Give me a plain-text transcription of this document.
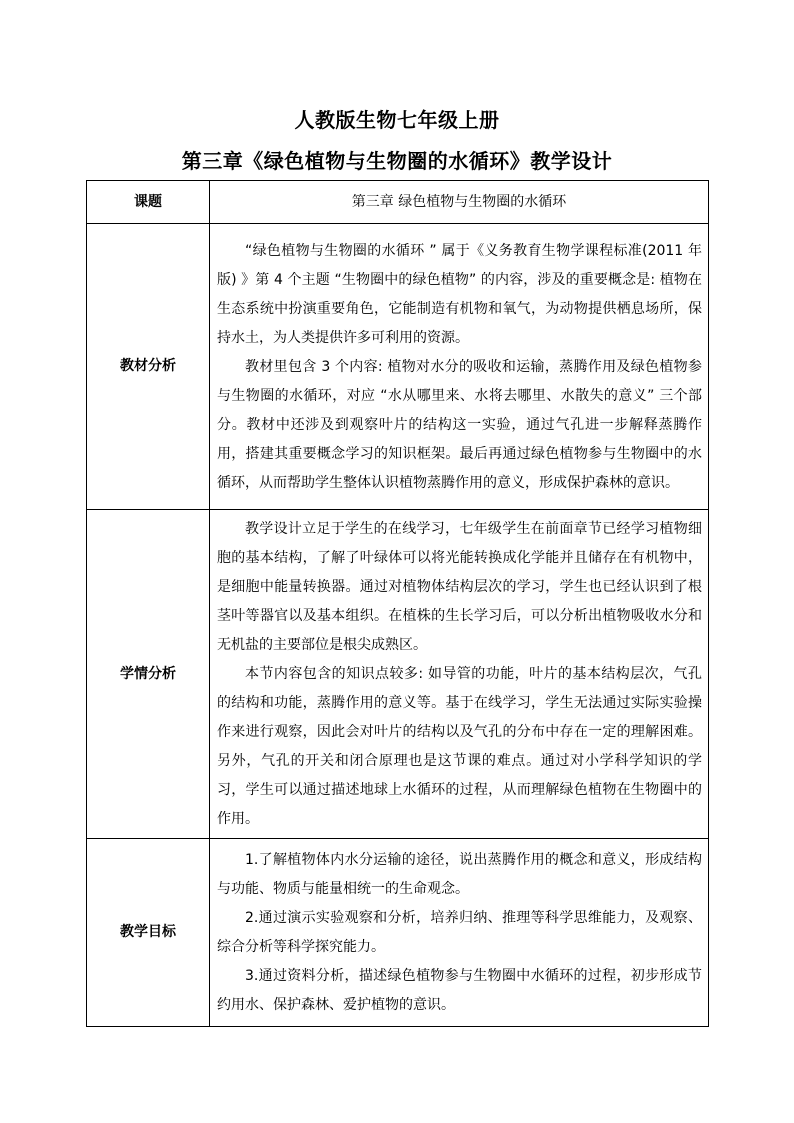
人教版生物七年级上册
第三章《绿色植物与生物圈的水循环》教学设计
课题	第三章 绿色植物与生物圈的水循环
教材分析	“绿色植物与生物圈的水循环 ” 属于《义务教育生物学课程标准(2011 年版) 》第 4 个主题 “生物圈中的绿色植物” 的内容，涉及的重要概念是: 植物在生态系统中扮演重要角色，它能制造有机物和氧气，为动物提供栖息场所，保持水土，为人类提供许多可利用的资源。

教材里包含 3 个内容: 植物对水分的吸收和运输，蒸腾作用及绿色植物参与生物圈的水循环，对应 “水从哪里来、水将去哪里、水散失的意义” 三个部分。教材中还涉及到观察叶片的结构这一实验，通过气孔进一步解释蒸腾作用，搭建其重要概念学习的知识框架。最后再通过绿色植物参与生物圈中的水循环，从而帮助学生整体认识植物蒸腾作用的意义，形成保护森林的意识。

学情分析	教学设计立足于学生的在线学习，七年级学生在前面章节已经学习植物细胞的基本结构，了解了叶绿体可以将光能转换成化学能并且储存在有机物中，是细胞中能量转换器。通过对植物体结构层次的学习，学生也已经认识到了根茎叶等器官以及基本组织。在植株的生长学习后，可以分析出植物吸收水分和无机盐的主要部位是根尖成熟区。

本节内容包含的知识点较多: 如导管的功能，叶片的基本结构层次，气孔的结构和功能，蒸腾作用的意义等。基于在线学习，学生无法通过实际实验操作来进行观察，因此会对叶片的结构以及气孔的分布中存在一定的理解困难。另外，气孔的开关和闭合原理也是这节课的难点。通过对小学科学知识的学习，学生可以通过描述地球上水循环的过程，从而理解绿色植物在生物圈中的作用。

教学目标	1.了解植物体内水分运输的途径，说出蒸腾作用的概念和意义，形成结构与功能、物质与能量相统一的生命观念。

2.通过演示实验观察和分析，培养归纳、推理等科学思维能力，及观察、综合分析等科学探究能力。

3.通过资料分析，描述绿色植物参与生物圈中水循环的过程，初步形成节约用水、保护森林、爱护植物的意识。
